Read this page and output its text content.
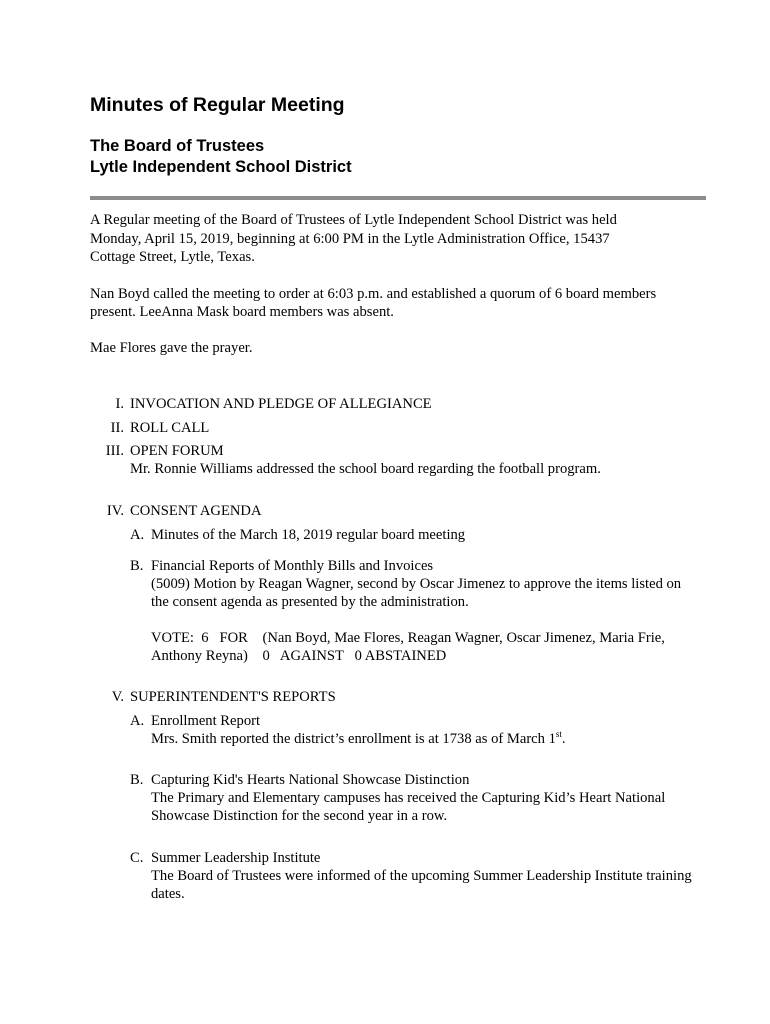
Minutes of Regular Meeting
The Board of Trustees
Lytle Independent School District
A Regular meeting of the Board of Trustees of Lytle Independent School District was held
Monday, April 15, 2019, beginning at 6:00 PM in the Lytle Administration Office, 15437
Cottage Street, Lytle, Texas.
Nan Boyd called the meeting to order at 6:03 p.m. and established a quorum of 6 board members
present. LeeAnna Mask board members was absent.
Mae Flores gave the prayer.
I. INVOCATION AND PLEDGE OF ALLEGIANCE
II. ROLL CALL
III. OPEN FORUM
Mr. Ronnie Williams addressed the school board regarding the football program.
IV. CONSENT AGENDA
A. Minutes of the March 18, 2019 regular board meeting
B. Financial Reports of Monthly Bills and Invoices
(5009) Motion by Reagan Wagner, second by Oscar Jimenez to approve the items listed on
the consent agenda as presented by the administration.
VOTE:  6   FOR    (Nan Boyd, Mae Flores, Reagan Wagner, Oscar Jimenez, Maria Frie,
Anthony Reyna)    0   AGAINST   0 ABSTAINED
V. SUPERINTENDENT'S REPORTS
A. Enrollment Report
Mrs. Smith reported the district’s enrollment is at 1738 as of March 1st.
B. Capturing Kid's Hearts National Showcase Distinction
The Primary and Elementary campuses has received the Capturing Kid’s Heart National
Showcase Distinction for the second year in a row.
C. Summer Leadership Institute
The Board of Trustees were informed of the upcoming Summer Leadership Institute training
dates.
